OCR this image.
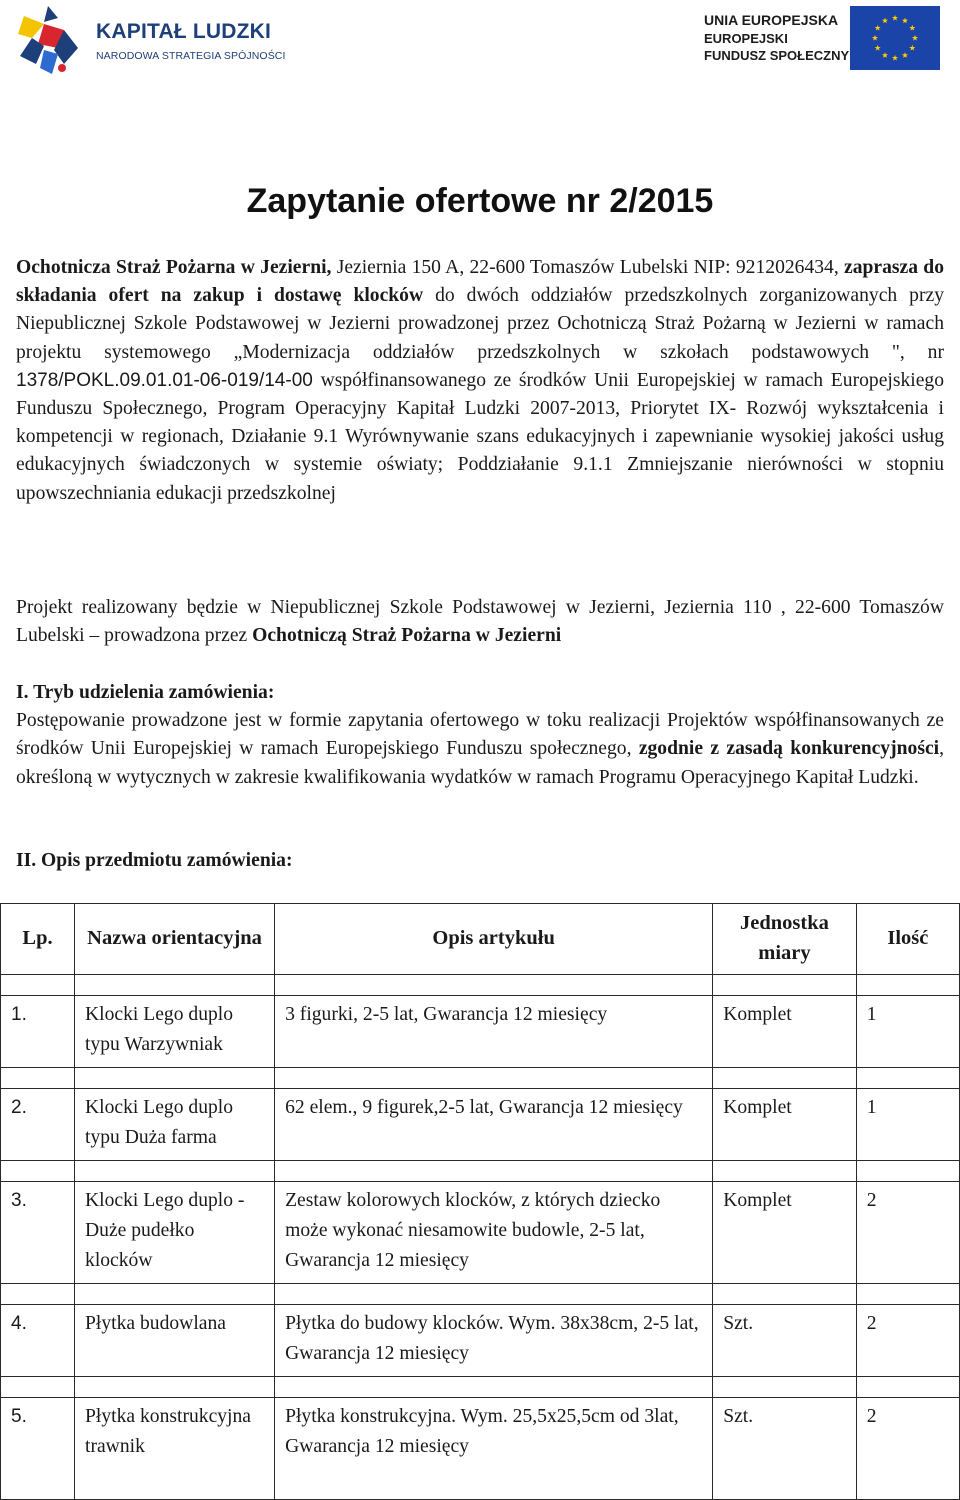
KAPITAŁ LUDZKI
NARODOWA STRATEGIA SPÓJNOŚCI
UNIA EUROPEJSKA
EUROPEJSKI
FUNDUSZ SPOŁECZNY
Zapytanie ofertowe nr 2/2015

Ochotnicza Straż Pożarna w Jezierni, Jeziernia 150 A, 22-600 Tomaszów Lubelski NIP: 9212026434, zaprasza do składania ofert na zakup i dostawę klocków do dwóch oddziałów przedszkolnych zorganizowanych przy Niepublicznej Szkole Podstawowej w Jezierni prowadzonej przez Ochotniczą Straż Pożarną w Jezierni w ramach projektu systemowego „Modernizacja oddziałów przedszkolnych w szkołach podstawowych ", nr 1378/POKL.09.01.01-06-019/14-00 współfinansowanego ze środków Unii Europejskiej w ramach Europejskiego Funduszu Społecznego, Program Operacyjny Kapitał Ludzki 2007-2013, Priorytet IX- Rozwój wykształcenia i kompetencji w regionach, Działanie 9.1 Wyrównywanie szans edukacyjnych i zapewnianie wysokiej jakości usług edukacyjnych świadczonych w systemie oświaty; Poddziałanie 9.1.1 Zmniejszanie nierówności w stopniu upowszechniania edukacji przedszkolnej

Projekt realizowany będzie w Niepublicznej Szkole Podstawowej w Jezierni, Jeziernia 110 , 22-600 Tomaszów Lubelski – prowadzona przez Ochotniczą Straż Pożarna w Jezierni

I. Tryb udzielenia zamówienia:
Postępowanie prowadzone jest w formie zapytania ofertowego w toku realizacji Projektów współfinansowanych ze środków Unii Europejskiej w ramach Europejskiego Funduszu społecznego, zgodnie z zasadą konkurencyjności, określoną w wytycznych w zakresie kwalifikowania wydatków w ramach Programu Operacyjnego Kapitał Ludzki.
II. Opis przedmiotu zamówienia:
Lp.	Nazwa orientacyjna	Opis artykułu	Jednostka miary	Ilość

1.	Klocki Lego duplo typu Warzywniak	3 figurki, 2-5 lat, Gwarancja 12 miesięcy	Komplet	1

2.	Klocki Lego duplo typu Duża farma	62 elem., 9 figurek,2-5 lat, Gwarancja 12 miesięcy	Komplet	1

3.	Klocki Lego duplo -Duże pudełko klocków	Zestaw kolorowych klocków, z których dziecko może wykonać niesamowite budowle, 2-5 lat, Gwarancja 12 miesięcy	Komplet	2

4.	Płytka budowlana	Płytka do budowy klocków. Wym. 38x38cm, 2-5 lat, Gwarancja 12 miesięcy	Szt.	2

5.	Płytka konstrukcyjna trawnik	Płytka konstrukcyjna. Wym. 25,5x25,5cm od 3lat, Gwarancja 12 miesięcy	Szt.	2
